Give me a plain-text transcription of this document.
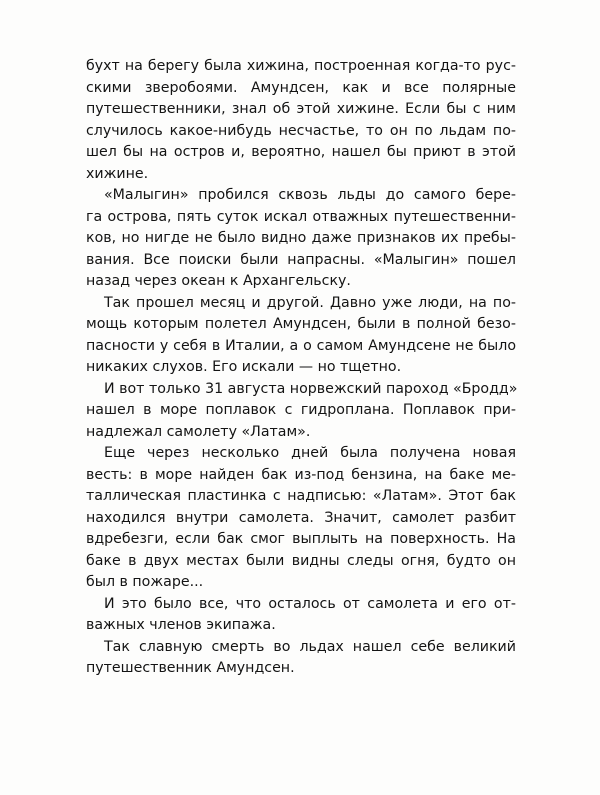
бухт на берегу была хижина, построенная когда-то рус-
скими зверобоями. Амундсен, как и все полярные
путешественники, знал об этой хижине. Если бы с ним
случилось какое-нибудь несчастье, то он по льдам по-
шел бы на остров и, вероятно, нашел бы приют в этой
хижине.
«Малыгин» пробился сквозь льды до самого бере-
га острова, пять суток искал отважных путешественни-
ков, но нигде не было видно даже признаков их пребы-
вания. Все поиски были напрасны. «Малыгин» пошел
назад через океан к Архангельску.
Так прошел месяц и другой. Давно уже люди, на по-
мощь которым полетел Амундсен, были в полной безо-
пасности у себя в Италии, а о самом Амундсене не было
никаких слухов. Его искали — но тщетно.
И вот только 31 августа норвежский пароход «Бродд»
нашел в море поплавок с гидроплана. Поплавок при-
надлежал самолету «Латам».
Еще через несколько дней была получена новая
весть: в море найден бак из-под бензина, на баке ме-
таллическая пластинка с надписью: «Латам». Этот бак
находился внутри самолета. Значит, самолет разбит
вдребезги, если бак смог выплыть на поверхность. На
баке в двух местах были видны следы огня, будто он
был в пожаре...
И это было все, что осталось от самолета и его от-
важных членов экипажа.
Так славную смерть во льдах нашел себе великий
путешественник Амундсен.
